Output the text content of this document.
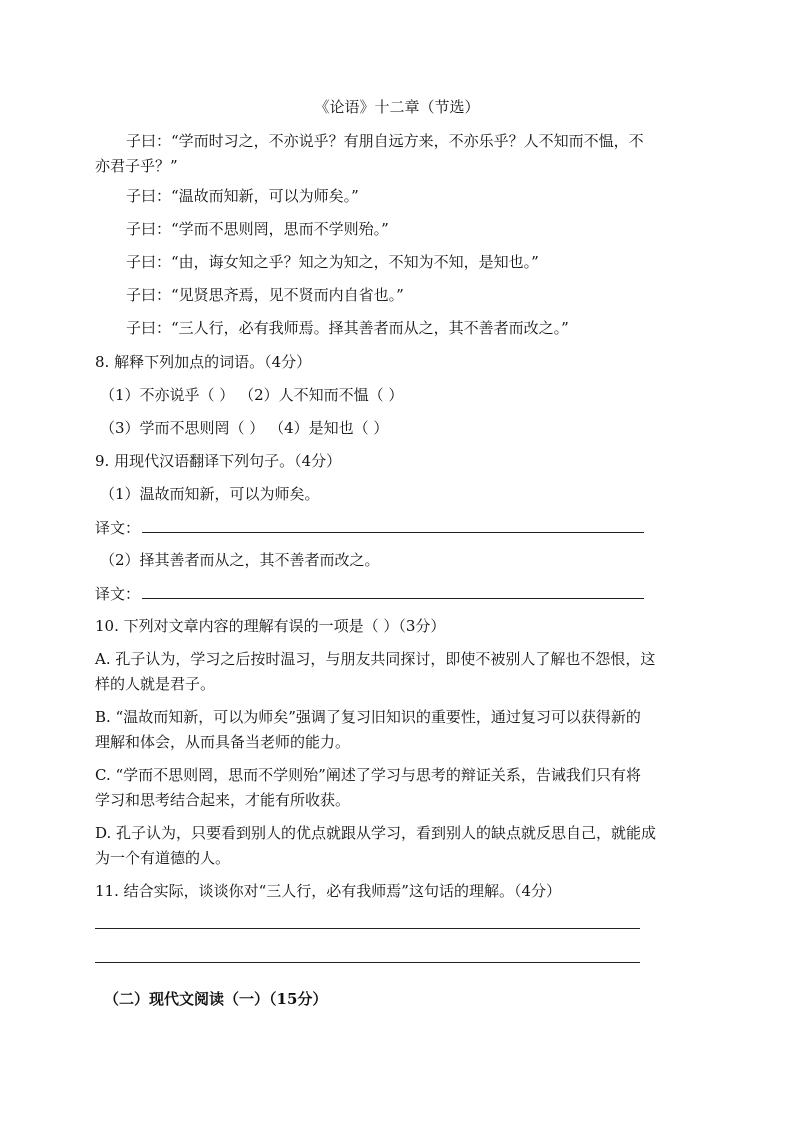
《论语》十二章（节选）
子曰：“学而时习之，不亦说乎？有朋自远方来，不亦乐乎？人不知而不愠，不
亦君子乎？”
子曰：“温故而知新，可以为师矣。”
子曰：“学而不思则罔，思而不学则殆。”
子曰：“由，诲女知之乎？知之为知之，不知为不知，是知也。”
子曰：“见贤思齐焉，见不贤而内自省也。”
子曰：“三人行，必有我师焉。择其善者而从之，其不善者而改之。”
8. 解释下列加点的词语。（4分）
（1）不亦说乎（ ） （2）人不知而不愠（ ）
（3）学而不思则罔（ ） （4）是知也（ ）
9. 用现代汉语翻译下列句子。（4分）
（1）温故而知新，可以为师矣。
译文：
（2）择其善者而从之，其不善者而改之。
译文：
10. 下列对文章内容的理解有误的一项是（ ）（3分）
A. 孔子认为，学习之后按时温习，与朋友共同探讨，即使不被别人了解也不怨恨，这
样的人就是君子。
B. “温故而知新，可以为师矣”强调了复习旧知识的重要性，通过复习可以获得新的
理解和体会，从而具备当老师的能力。
C. “学而不思则罔，思而不学则殆”阐述了学习与思考的辩证关系，告诫我们只有将
学习和思考结合起来，才能有所收获。
D. 孔子认为，只要看到别人的优点就跟从学习，看到别人的缺点就反思自己，就能成
为一个有道德的人。
11. 结合实际，谈谈你对“三人行，必有我师焉”这句话的理解。（4分）
（二）现代文阅读（一）（15分）
